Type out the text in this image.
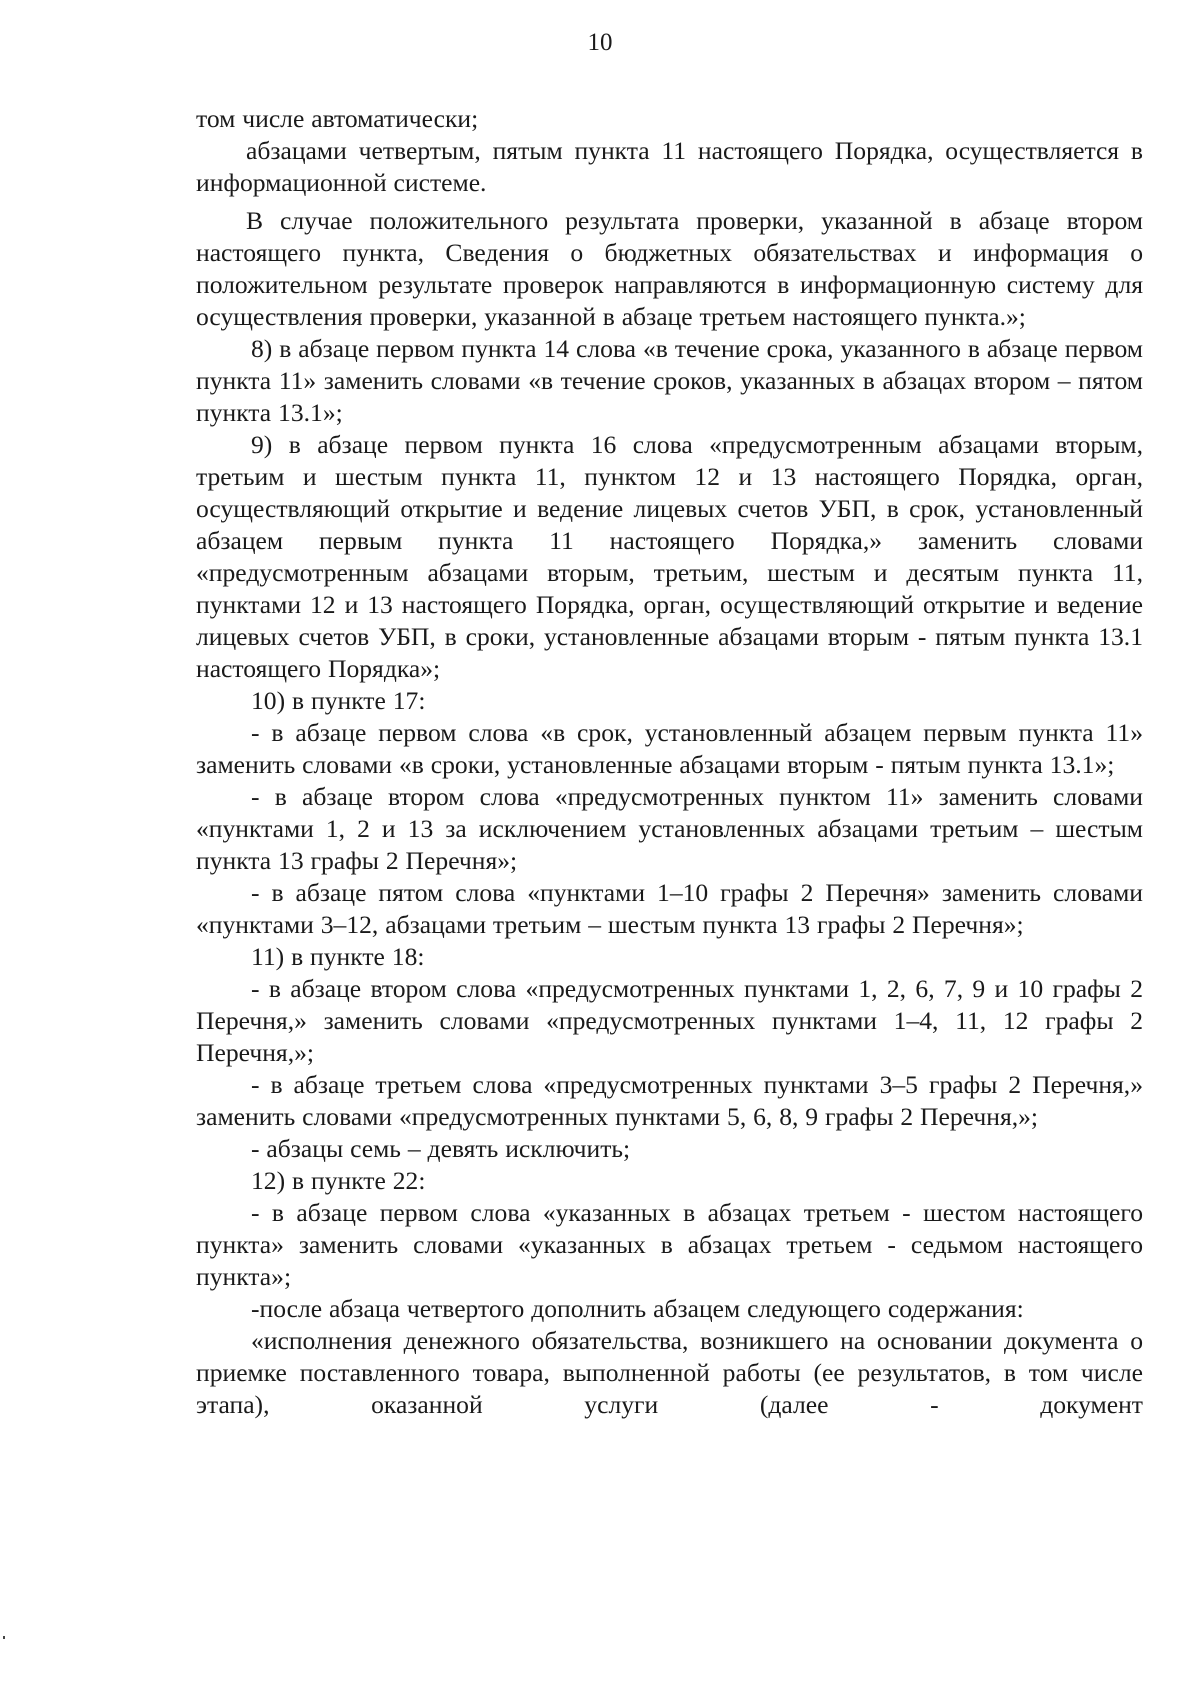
10

том числе автоматически;

абзацами четвертым, пятым пункта 11 настоящего Порядка, осуществляется в информационной системе.

В случае положительного результата проверки, указанной в абзаце втором настоящего пункта, Сведения о бюджетных обязательствах и информация о положительном результате проверок направляются в информационную систему для осуществления проверки, указанной в абзаце третьем настоящего пункта.»;

8) в абзаце первом пункта 14 слова «в течение срока, указанного в абзаце первом пункта 11» заменить словами «в течение сроков, указанных в абзацах втором – пятом пункта 13.1»;

9) в абзаце первом пункта 16 слова «предусмотренным абзацами вторым, третьим и шестым пункта 11, пунктом 12 и 13 настоящего Порядка, орган, осуществляющий открытие и ведение лицевых счетов УБП, в срок, установленный абзацем первым пункта 11 настоящего Порядка,» заменить словами «предусмотренным абзацами вторым, третьим, шестым и десятым пункта 11, пунктами 12 и 13 настоящего Порядка, орган, осуществляющий открытие и ведение лицевых счетов УБП, в сроки, установленные абзацами вторым - пятым пункта 13.1 настоящего Порядка»;

10) в пункте 17:

- в абзаце первом слова «в срок, установленный абзацем первым пункта 11» заменить словами «в сроки, установленные абзацами вторым - пятым пункта 13.1»;

- в абзаце втором слова «предусмотренных пунктом 11» заменить словами «пунктами 1, 2 и 13 за исключением установленных абзацами третьим – шестым пункта 13 графы 2 Перечня»;

- в абзаце пятом слова «пунктами 1–10 графы 2 Перечня» заменить словами «пунктами 3–12, абзацами третьим – шестым пункта 13 графы 2 Перечня»;

11) в пункте 18:

- в абзаце втором слова «предусмотренных пунктами 1, 2, 6, 7, 9 и 10 графы 2 Перечня,» заменить словами «предусмотренных пунктами 1–4, 11, 12 графы 2 Перечня,»;

- в абзаце третьем слова «предусмотренных пунктами 3–5 графы 2 Перечня,» заменить словами «предусмотренных пунктами 5, 6, 8, 9 графы 2 Перечня,»;

- абзацы семь – девять исключить;

12) в пункте 22:

- в абзаце первом слова «указанных в абзацах третьем - шестом настоящего пункта» заменить словами «указанных в абзацах третьем - седьмом настоящего пункта»;

-после абзаца четвертого дополнить абзацем следующего содержания:

«исполнения денежного обязательства, возникшего на основании документа о приемке поставленного товара, выполненной работы (ее результатов, в том числе этапа), оказанной услуги (далее - документ
